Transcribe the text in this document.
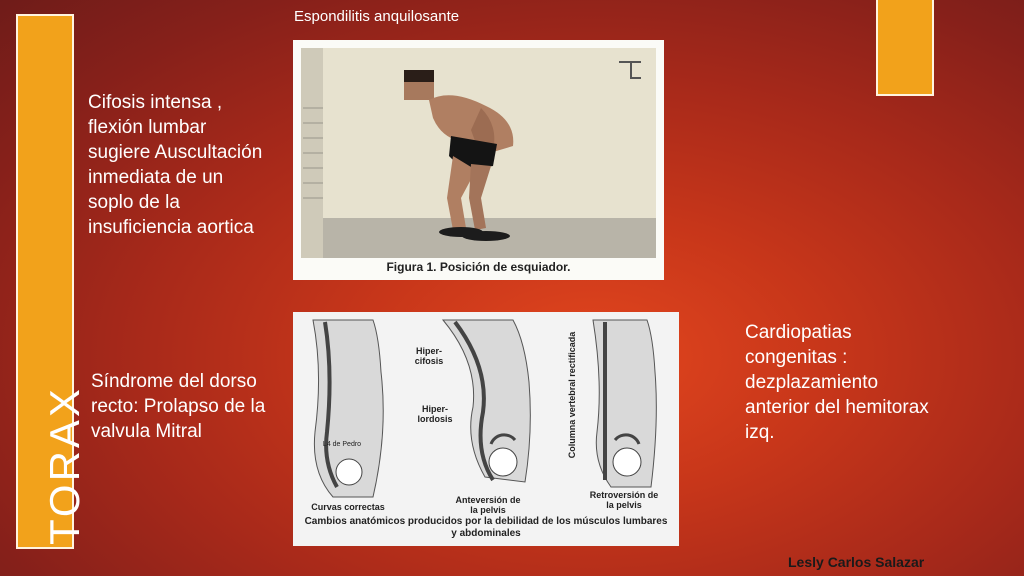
TORAX
Espondilitis anquilosante
Cifosis intensa , flexión lumbar sugiere Auscultación inmediata de un soplo de la insuficiencia aortica
Síndrome del dorso recto: Prolapso de la valvula Mitral
Cardiopatias congenitas : dezplazamiento anterior del hemitorax izq.
Figura 1. Posición de esquiador.
Hiper-cifosis
Hiper-lordosis	Columna vertebral rectificada
L4 de Pedro
Curvas correctas
Anteversión de la pelvis
Retroversión de la pelvis
Cambios anatómicos producidos por la debilidad de los músculos lumbares y abdominales
Lesly Carlos Salazar
